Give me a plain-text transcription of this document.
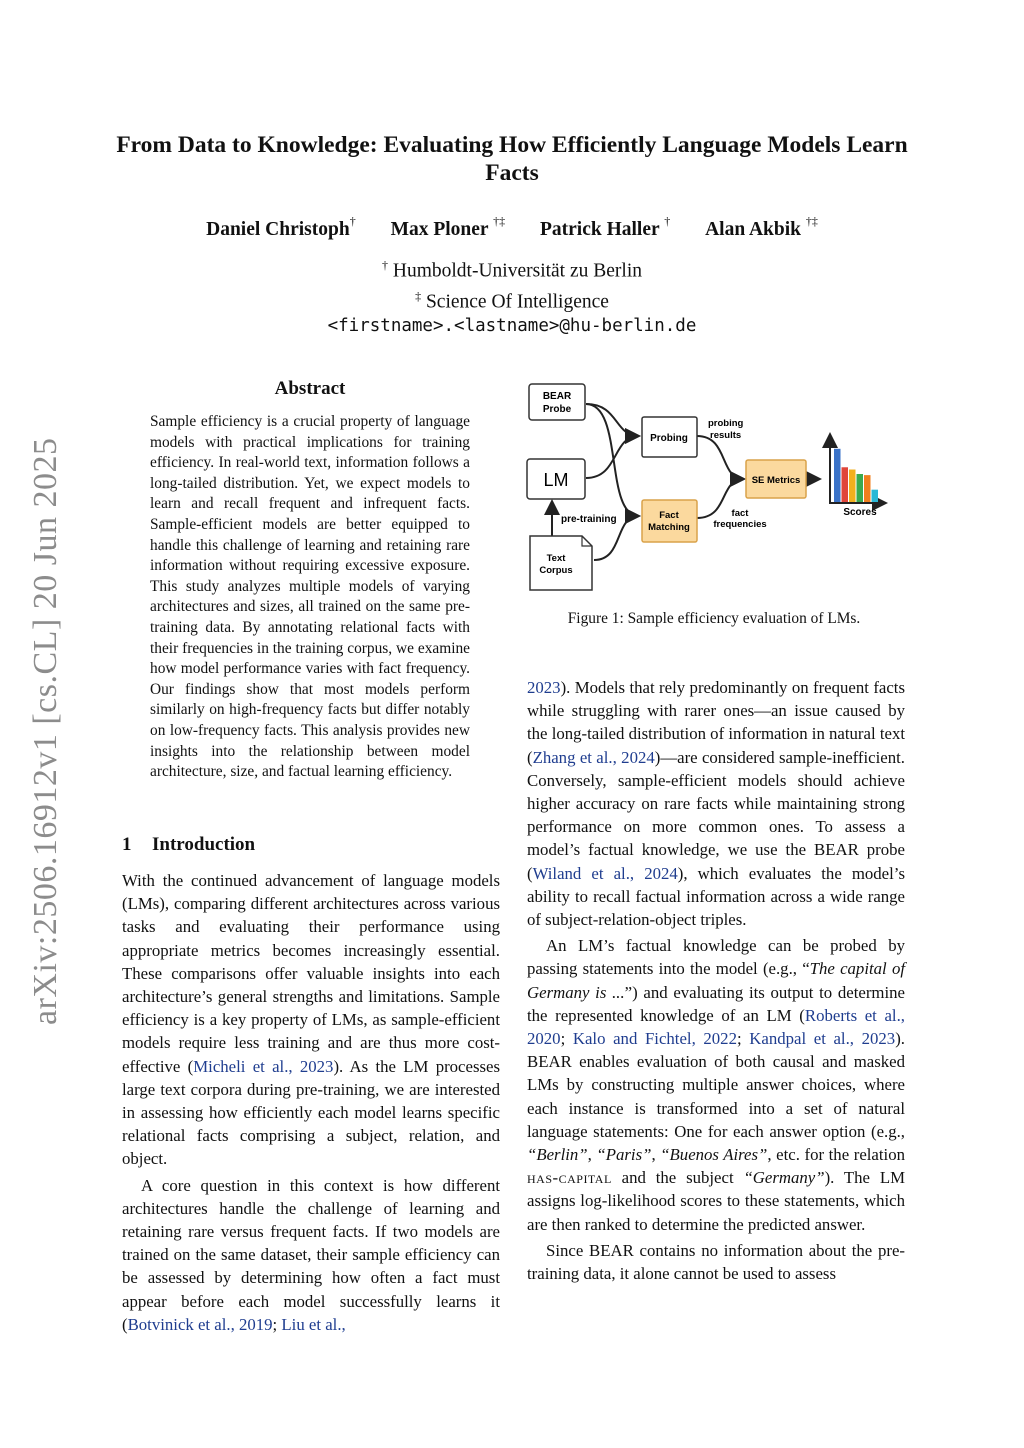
arXiv:2506.16912v1 [cs.CL] 20 Jun 2025
From Data to Knowledge: Evaluating How Efficiently Language Models Learn Facts
Daniel Christoph† Max Ploner †‡ Patrick Haller † Alan Akbik †‡
† Humboldt-Universität zu Berlin
‡ Science Of Intelligence
<firstname>.<lastname>@hu-berlin.de
Abstract
Sample efficiency is a crucial property of language models with practical implications for training efficiency. In real-world text, information follows a long-tailed distribution. Yet, we expect models to learn and recall frequent and infrequent facts. Sample-efficient models are better equipped to handle this challenge of learning and retaining rare information without requiring excessive exposure. This study analyzes multiple models of varying architectures and sizes, all trained on the same pre-training data. By annotating relational facts with their frequencies in the training corpus, we examine how model performance varies with fact frequency. Our findings show that most models perform similarly on high-frequency facts but differ notably on low-frequency facts. This analysis provides new insights into the relationship between model architecture, size, and factual learning efficiency.
1 Introduction

With the continued advancement of language models (LMs), comparing different architectures across various tasks and evaluating their performance using appropriate metrics becomes increasingly essential. These comparisons offer valuable insights into each architecture’s general strengths and limitations. Sample efficiency is a key property of LMs, as sample-efficient models require less training and are thus more cost-effective (Micheli et al., 2023). As the LM processes large text corpora during pre-training, we are interested in assessing how efficiently each model learns specific relational facts comprising a subject, relation, and object.

A core question in this context is how different architectures handle the challenge of learning and retaining rare versus frequent facts. If two models are trained on the same dataset, their sample efficiency can be assessed by determining how often a fact must appear before each model successfully learns it (Botvinick et al., 2019; Liu et al.,

BEAR
Probe
LM
pre-training
Text
Corpus
Probing
probing
results
Fact
Matching
fact
frequencies
SE Metrics
Scores
Figure 1: Sample efficiency evaluation of LMs.

2023). Models that rely predominantly on frequent facts while struggling with rarer ones—an issue caused by the long-tailed distribution of information in natural text (Zhang et al., 2024)—are considered sample-inefficient. Conversely, sample-efficient models should achieve higher accuracy on rare facts while maintaining strong performance on more common ones. To assess a model’s factual knowledge, we use the BEAR probe (Wiland et al., 2024), which evaluates the model’s ability to recall factual information across a wide range of subject-relation-object triples.

An LM’s factual knowledge can be probed by passing statements into the model (e.g., “The capital of Germany is ...”) and evaluating its output to determine the represented knowledge of an LM (Roberts et al., 2020; Kalo and Fichtel, 2022; Kandpal et al., 2023). BEAR enables evaluation of both causal and masked LMs by constructing multiple answer choices, where each instance is transformed into a set of natural language statements: One for each answer option (e.g., “Berlin”, “Paris”, “Buenos Aires”, etc. for the relation has-capital and the subject “Germany”). The LM assigns log-likelihood scores to these statements, which are then ranked to determine the predicted answer.

Since BEAR contains no information about the pre-training data, it alone cannot be used to assess
